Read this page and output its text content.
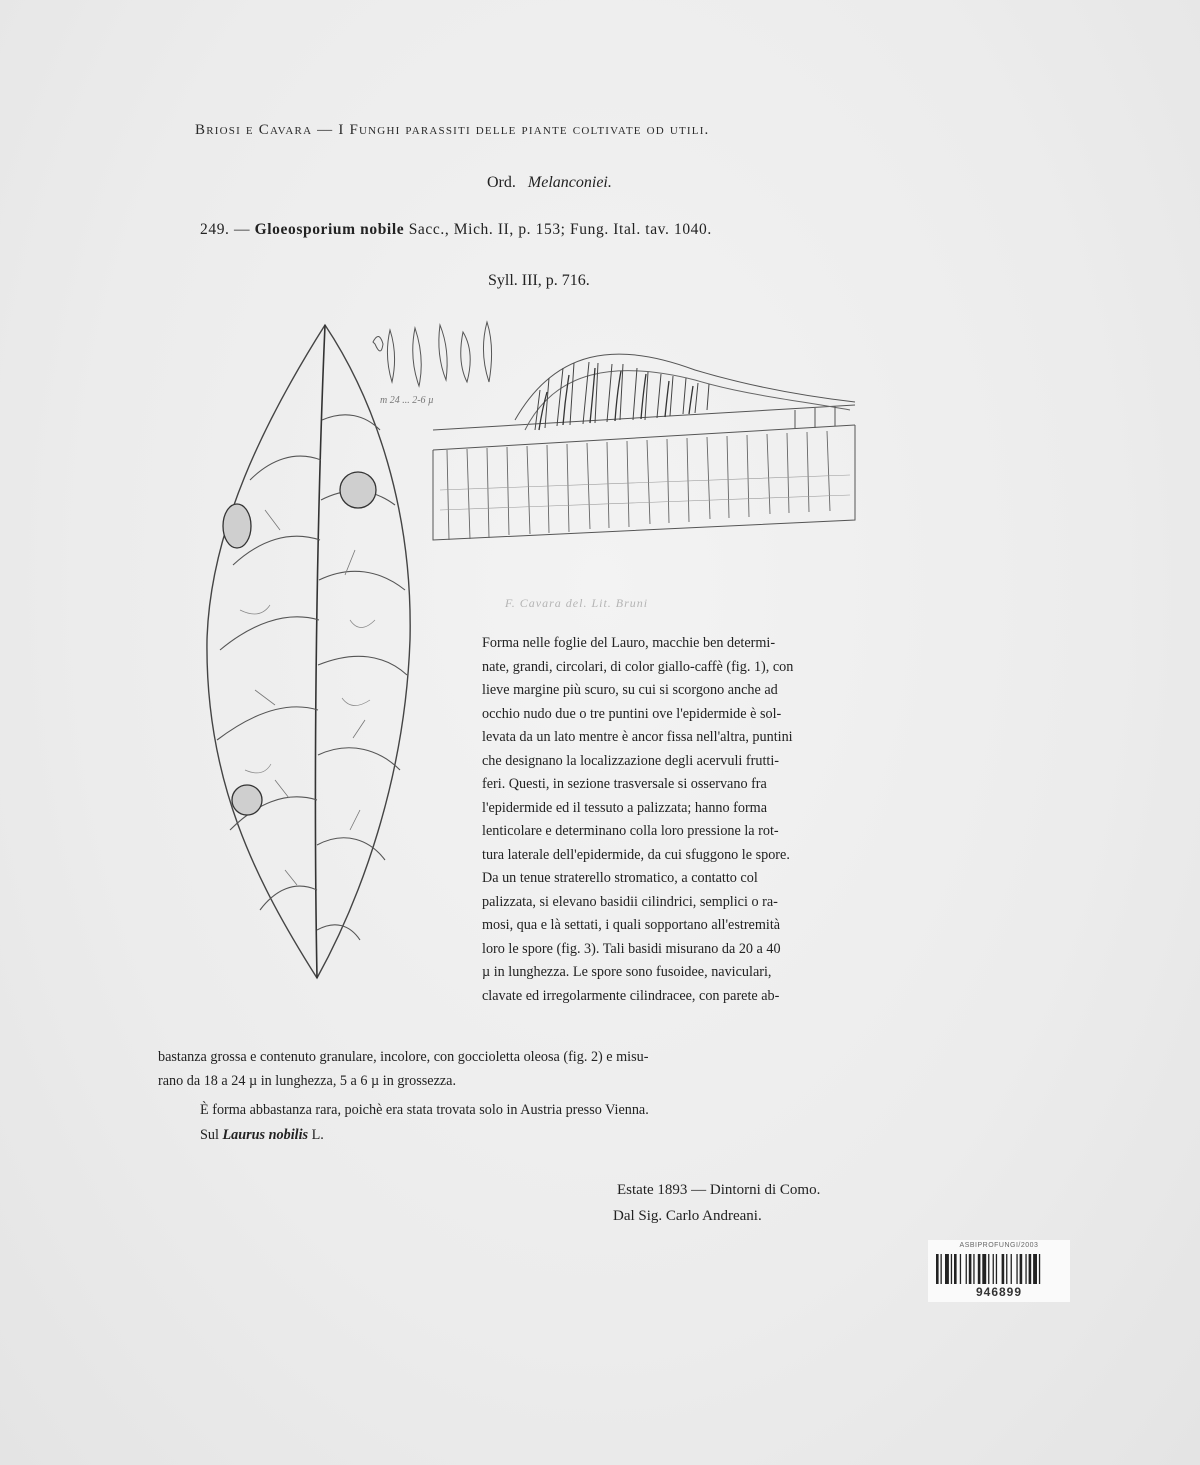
Briosi e Cavara — I Funghi parassiti delle piante coltivate od utili.
Ord. Melanconiei.
249. — Gloeosporium nobile Sacc., Mich. II, p. 153; Fung. Ital. tav. 1040.
Syll. III, p. 716.
m 24 ... 2-6 µ
F. Cavara del. Lit. Bruni

Forma nelle foglie del Lauro, macchie ben determi-

nate, grandi, circolari, di color giallo-caffè (fig. 1), con

lieve margine più scuro, su cui si scorgono anche ad

occhio nudo due o tre puntini ove l'epidermide è sol-

levata da un lato mentre è ancor fissa nell'altra, puntini

che designano la localizzazione degli acervuli frutti-

feri. Questi, in sezione trasversale si osservano fra

l'epidermide ed il tessuto a palizzata; hanno forma

lenticolare e determinano colla loro pressione la rot-

tura laterale dell'epidermide, da cui sfuggono le spore.

Da un tenue straterello stromatico, a contatto col

palizzata, si elevano basidii cilindrici, semplici o ra-

mosi, qua e là settati, i quali sopportano all'estremità

loro le spore (fig. 3). Tali basidi misurano da 20 a 40

µ in lunghezza. Le spore sono fusoidee, naviculari,

clavate ed irregolarmente cilindracee, con parete ab-

bastanza grossa e contenuto granulare, incolore, con goccioletta oleosa (fig. 2) e misu-

rano da 18 a 24 µ in lunghezza, 5 a 6 µ in grossezza.

È forma abbastanza rara, poichè era stata trovata solo in Austria presso Vienna.
Sul Laurus nobilis L.
Estate 1893 — Dintorni di Como.
Dal Sig. Carlo Andreani.
ASBIPROFUNGI/2003
946899
